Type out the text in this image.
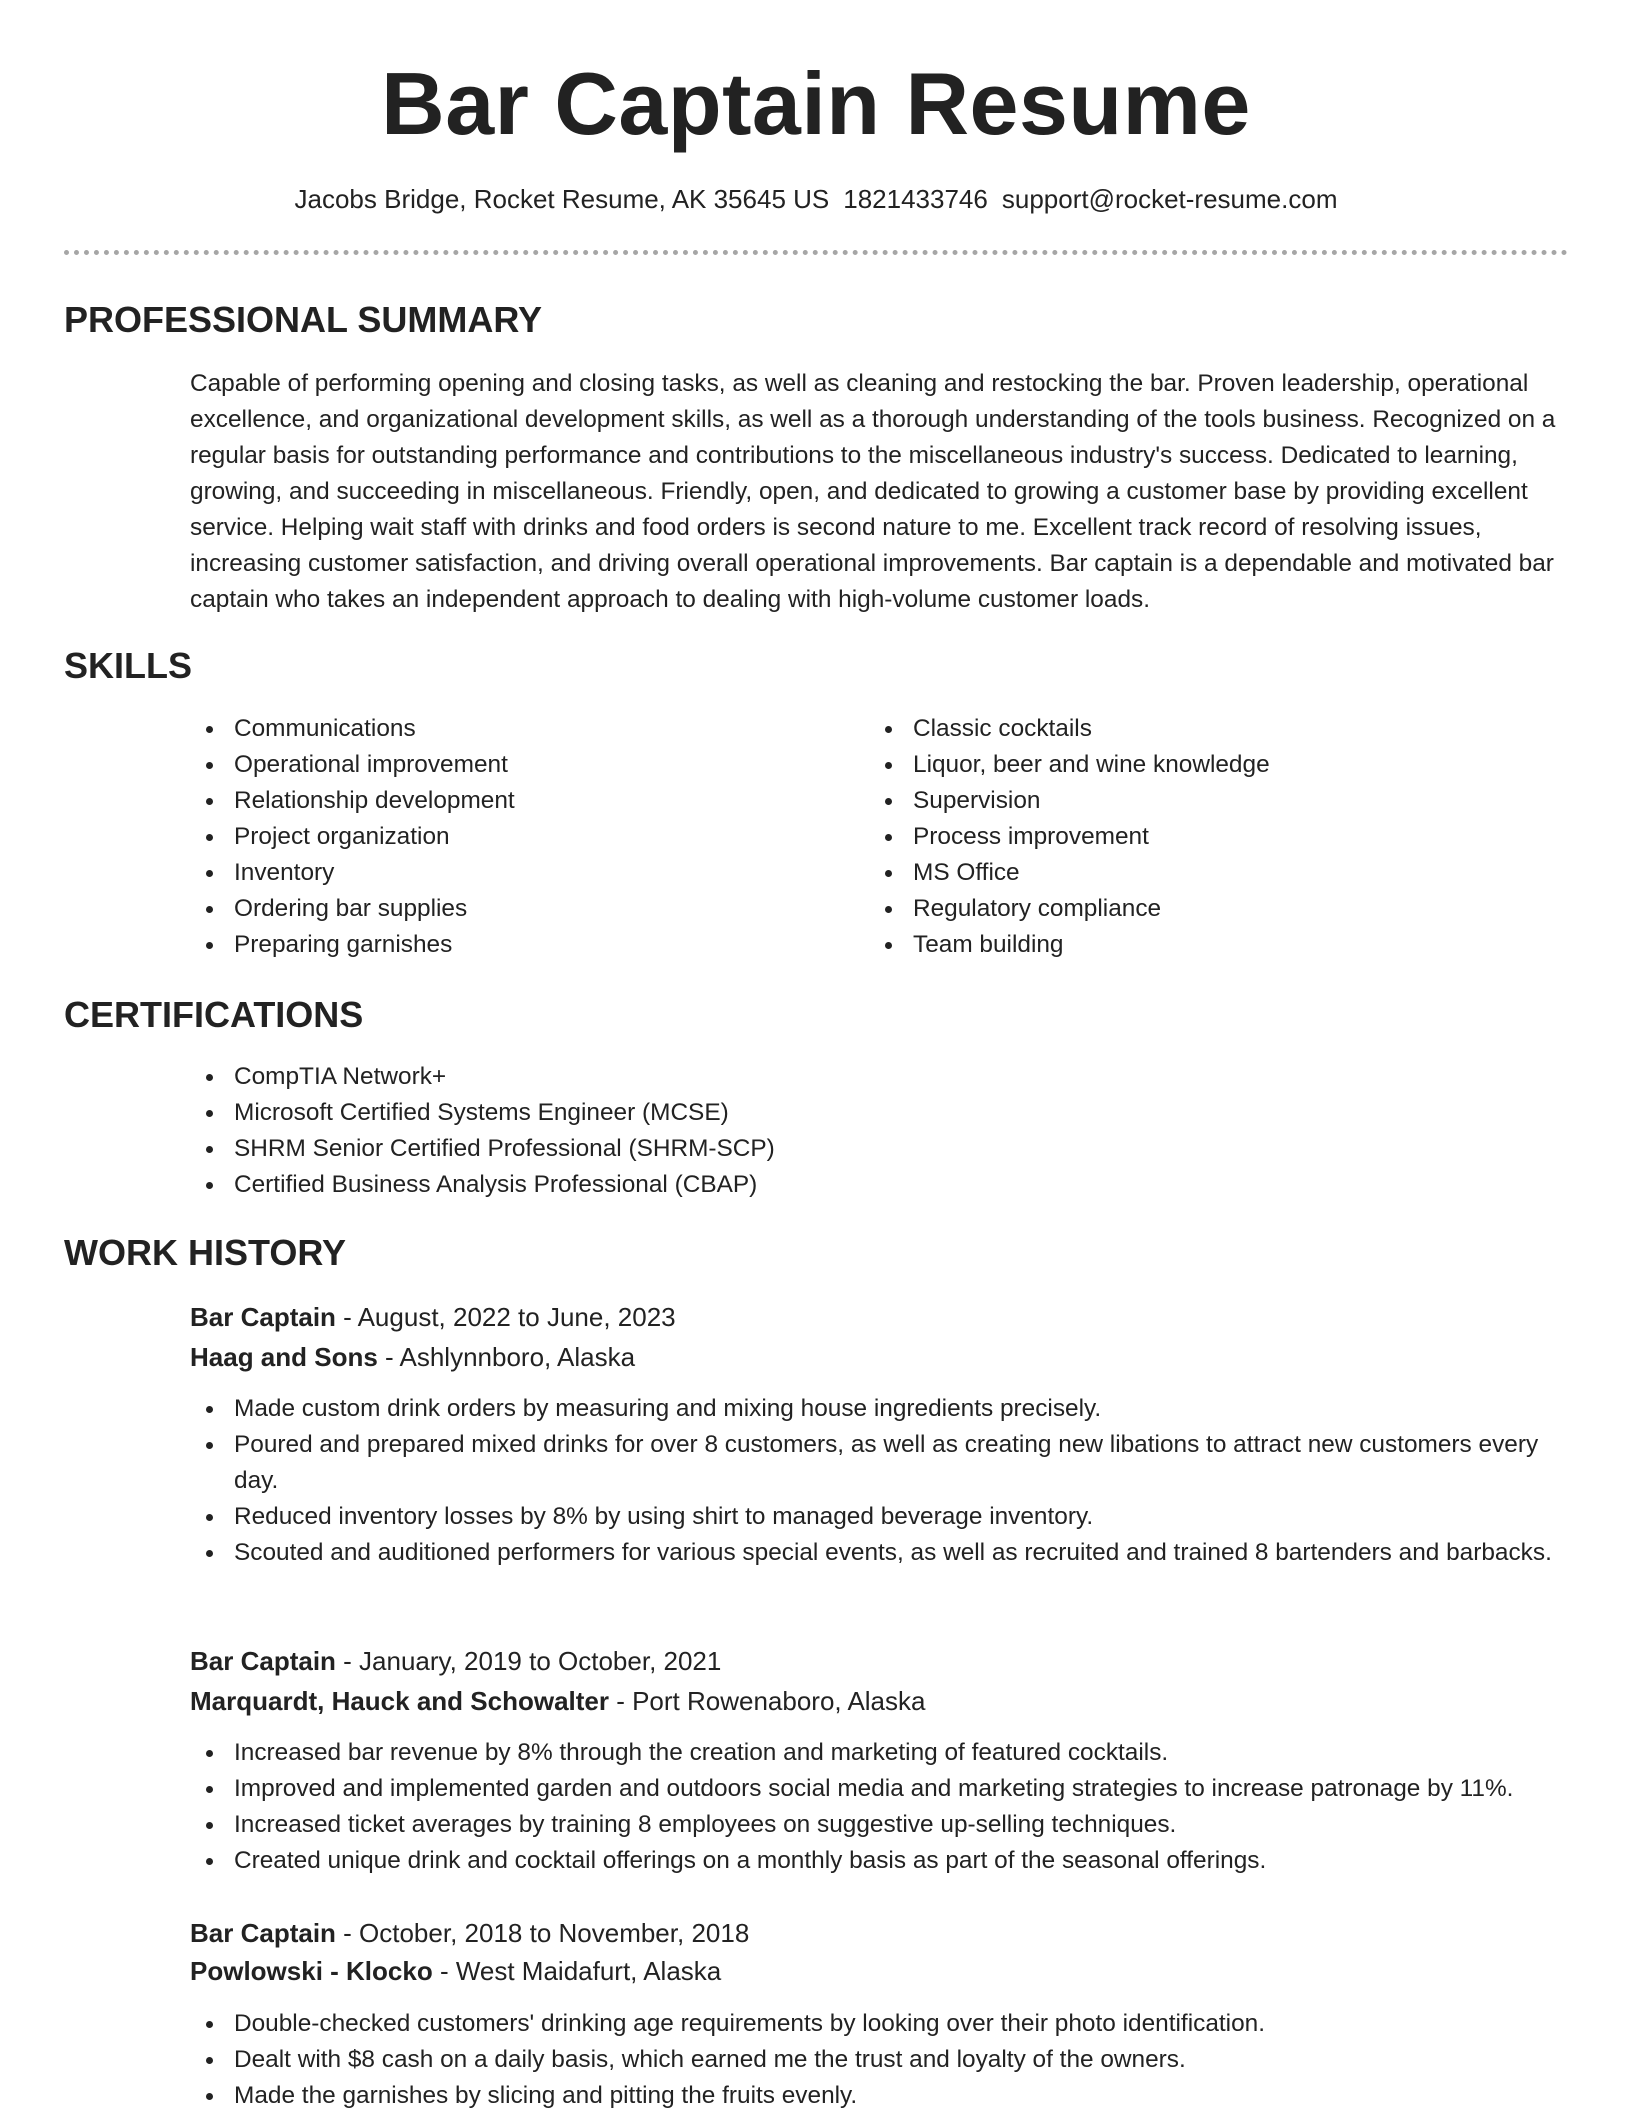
Bar Captain Resume
Jacobs Bridge, Rocket Resume, AK 35645 US 1821433746 support@rocket-resume.com
PROFESSIONAL SUMMARY

Capable of performing opening and closing tasks, as well as cleaning and restocking the bar. Proven leadership, operational excellence, and organizational development skills, as well as a thorough understanding of the tools business. Recognized on a regular basis for outstanding performance and contributions to the miscellaneous industry's success. Dedicated to learning, growing, and succeeding in miscellaneous. Friendly, open, and dedicated to growing a customer base by providing excellent service. Helping wait staff with drinks and food orders is second nature to me. Excellent track record of resolving issues, increasing customer satisfaction, and driving overall operational improvements. Bar captain is a dependable and motivated bar captain who takes an independent approach to dealing with high-volume customer loads.

SKILLS
Communications
Operational improvement
Relationship development
Project organization
Inventory
Ordering bar supplies
Preparing garnishes
Classic cocktails
Liquor, beer and wine knowledge
Supervision
Process improvement
MS Office
Regulatory compliance
Team building
CERTIFICATIONS
CompTIA Network+
Microsoft Certified Systems Engineer (MCSE)
SHRM Senior Certified Professional (SHRM-SCP)
Certified Business Analysis Professional (CBAP)
WORK HISTORY
Bar Captain - August, 2022 to June, 2023
Haag and Sons - Ashlynnboro, Alaska
Made custom drink orders by measuring and mixing house ingredients precisely.
Poured and prepared mixed drinks for over 8 customers, as well as creating new libations to attract new customers every day.
Reduced inventory losses by 8% by using shirt to managed beverage inventory.
Scouted and auditioned performers for various special events, as well as recruited and trained 8 bartenders and barbacks.
Bar Captain - January, 2019 to October, 2021
Marquardt, Hauck and Schowalter - Port Rowenaboro, Alaska
Increased bar revenue by 8% through the creation and marketing of featured cocktails.
Improved and implemented garden and outdoors social media and marketing strategies to increase patronage by 11%.
Increased ticket averages by training 8 employees on suggestive up-selling techniques.
Created unique drink and cocktail offerings on a monthly basis as part of the seasonal offerings.
Bar Captain - October, 2018 to November, 2018
Powlowski - Klocko - West Maidafurt, Alaska
Double-checked customers' drinking age requirements by looking over their photo identification.
Dealt with $8 cash on a daily basis, which earned me the trust and loyalty of the owners.
Made the garnishes by slicing and pitting the fruits evenly.
